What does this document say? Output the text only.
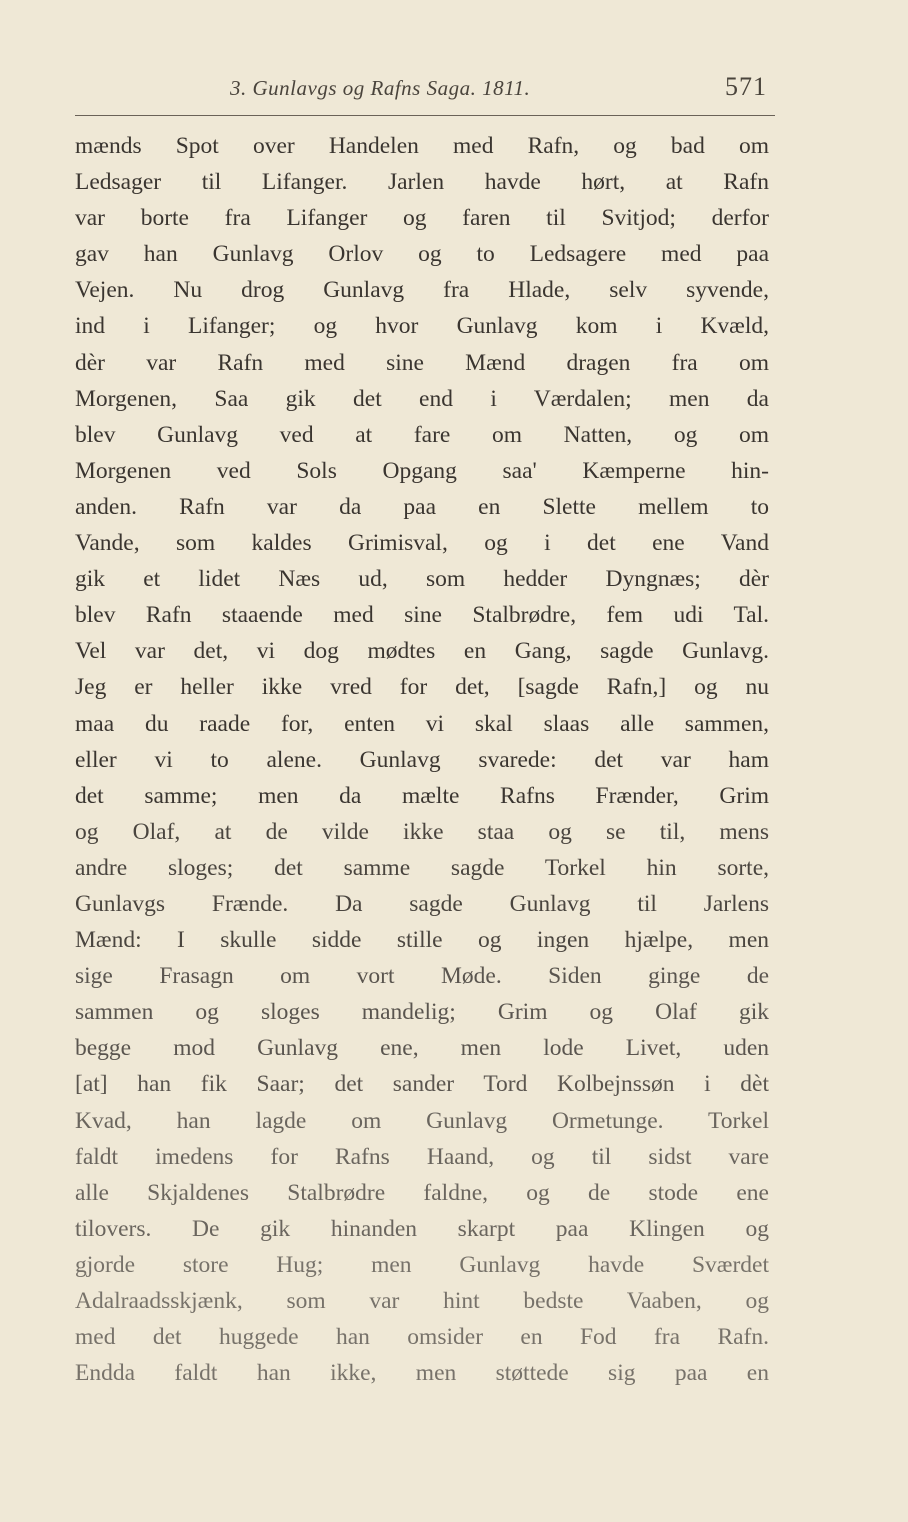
3. Gunlavgs og Rafns Saga. 1811.	571
mænds Spot over Handelen med Rafn, og bad om
Ledsager til Lifanger. Jarlen havde hørt, at Rafn
var borte fra Lifanger og faren til Svitjod; derfor
gav han Gunlavg Orlov og to Ledsagere med paa
Vejen. Nu drog Gunlavg fra Hlade, selv syvende,
ind i Lifanger; og hvor Gunlavg kom i Kvæld,
dèr var Rafn med sine Mænd dragen fra om
Morgenen, Saa gik det end i Værdalen; men da
blev Gunlavg ved at fare om Natten, og om
Morgenen ved Sols Opgang saa' Kæmperne hin-
anden. Rafn var da paa en Slette mellem to
Vande, som kaldes Grimisval, og i det ene Vand
gik et lidet Næs ud, som hedder Dyngnæs; dèr
blev Rafn staaende med sine Stalbrødre, fem udi Tal.
Vel var det, vi dog mødtes en Gang, sagde Gunlavg.
Jeg er heller ikke vred for det, [sagde Rafn,] og nu
maa du raade for, enten vi skal slaas alle sammen,
eller vi to alene. Gunlavg svarede: det var ham
det samme; men da mælte Rafns Frænder, Grim
og Olaf, at de vilde ikke staa og se til, mens
andre sloges; det samme sagde Torkel hin sorte,
Gunlavgs Frænde. Da sagde Gunlavg til Jarlens
Mænd: I skulle sidde stille og ingen hjælpe, men
sige Frasagn om vort Møde. Siden ginge de
sammen og sloges mandelig; Grim og Olaf gik
begge mod Gunlavg ene, men lode Livet, uden
[at] han fik Saar; det sander Tord Kolbejnssøn i dèt
Kvad, han lagde om Gunlavg Ormetunge. Torkel
faldt imedens for Rafns Haand, og til sidst vare
alle Skjaldenes Stalbrødre faldne, og de stode ene
tilovers. De gik hinanden skarpt paa Klingen og
gjorde store Hug; men Gunlavg havde Sværdet
Adalraadsskjænk, som var hint bedste Vaaben, og
med det huggede han omsider en Fod fra Rafn.
Endda faldt han ikke, men støttede sig paa en
